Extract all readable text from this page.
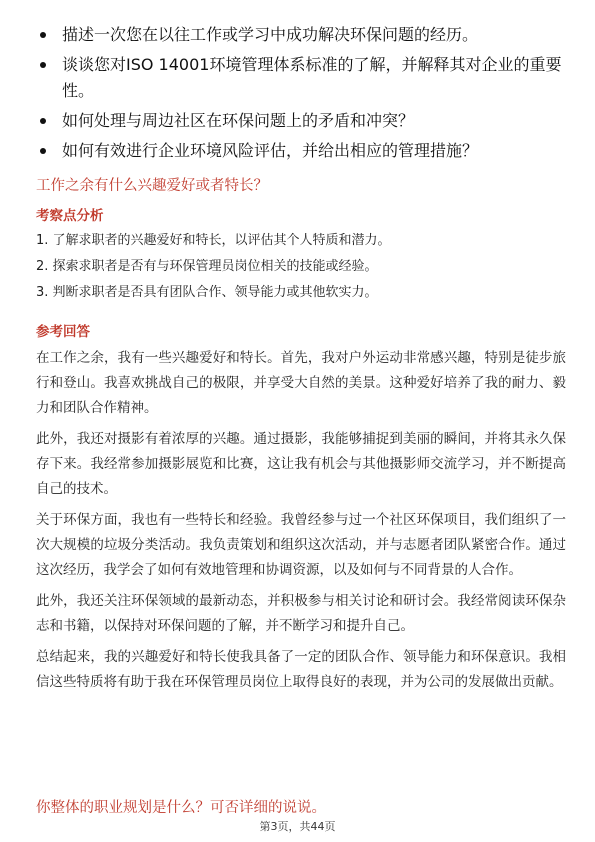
描述一次您在以往工作或学习中成功解决环保问题的经历。
谈谈您对ISO 14001环境管理体系标准的了解，并解释其对企业的重要性。
如何处理与周边社区在环保问题上的矛盾和冲突？
如何有效进行企业环境风险评估，并给出相应的管理措施？
工作之余有什么兴趣爱好或者特长？
考察点分析
1. 了解求职者的兴趣爱好和特长，以评估其个人特质和潜力。
2. 探索求职者是否有与环保管理员岗位相关的技能或经验。
3. 判断求职者是否具有团队合作、领导能力或其他软实力。
参考回答

在工作之余，我有一些兴趣爱好和特长。首先，我对户外运动非常感兴趣，特别是徒步旅行和登山。我喜欢挑战自己的极限，并享受大自然的美景。这种爱好培养了我的耐力、毅力和团队合作精神。

此外，我还对摄影有着浓厚的兴趣。通过摄影，我能够捕捉到美丽的瞬间，并将其永久保存下来。我经常参加摄影展览和比赛，这让我有机会与其他摄影师交流学习，并不断提高自己的技术。

关于环保方面，我也有一些特长和经验。我曾经参与过一个社区环保项目，我们组织了一次大规模的垃圾分类活动。我负责策划和组织这次活动，并与志愿者团队紧密合作。通过这次经历，我学会了如何有效地管理和协调资源，以及如何与不同背景的人合作。

此外，我还关注环保领域的最新动态，并积极参与相关讨论和研讨会。我经常阅读环保杂志和书籍，以保持对环保问题的了解，并不断学习和提升自己。

总结起来，我的兴趣爱好和特长使我具备了一定的团队合作、领导能力和环保意识。我相信这些特质将有助于我在环保管理员岗位上取得良好的表现，并为公司的发展做出贡献。

你整体的职业规划是什么？可否详细的说说。
第3页，共44页
